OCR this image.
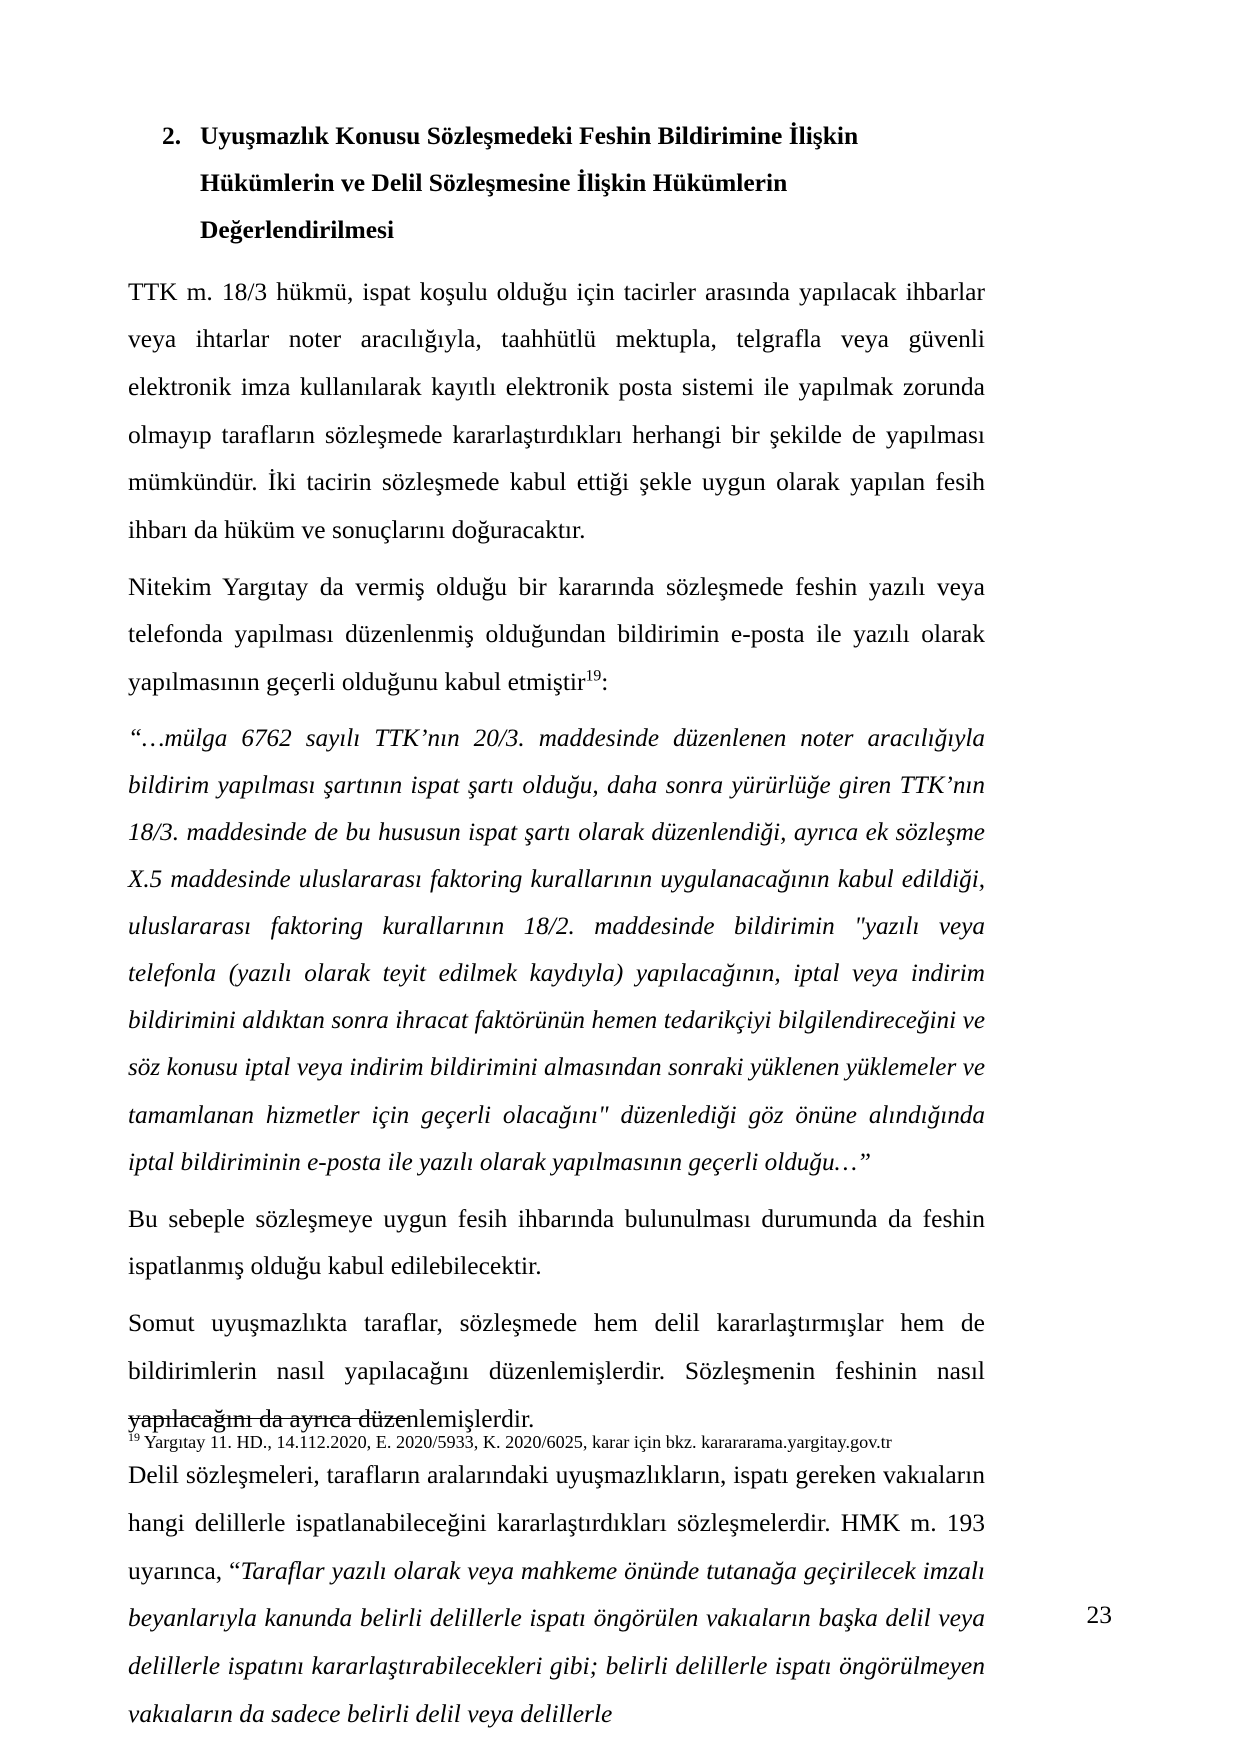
2. Uyuşmazlık Konusu Sözleşmedeki Feshin Bildirimine İlişkin Hükümlerin ve Delil Sözleşmesine İlişkin Hükümlerin Değerlendirilmesi

TTK m. 18/3 hükmü, ispat koşulu olduğu için tacirler arasında yapılacak ihbarlar veya ihtarlar noter aracılığıyla, taahhütlü mektupla, telgrafla veya güvenli elektronik imza kullanılarak kayıtlı elektronik posta sistemi ile yapılmak zorunda olmayıp tarafların sözleşmede kararlaştırdıkları herhangi bir şekilde de yapılması mümkündür. İki tacirin sözleşmede kabul ettiği şekle uygun olarak yapılan fesih ihbarı da hüküm ve sonuçlarını doğuracaktır.

Nitekim Yargıtay da vermiş olduğu bir kararında sözleşmede feshin yazılı veya telefonda yapılması düzenlenmiş olduğundan bildirimin e-posta ile yazılı olarak yapılmasının geçerli olduğunu kabul etmiştir$^{19}$:

“…mülga 6762 sayılı TTK’nın 20/3. maddesinde düzenlenen noter aracılığıyla bildirim yapılması şartının ispat şartı olduğu, daha sonra yürürlüğe giren TTK’nın 18/3. maddesinde de bu hususun ispat şartı olarak düzenlendiği, ayrıca ek sözleşme X.5 maddesinde uluslararası faktoring kurallarının uygulanacağının kabul edildiği, uluslararası faktoring kurallarının 18/2. maddesinde bildirimin "yazılı veya telefonla (yazılı olarak teyit edilmek kaydıyla) yapılacağının, iptal veya indirim bildirimini aldıktan sonra ihracat faktörünün hemen tedarikçiyi bilgilendireceğini ve söz konusu iptal veya indirim bildirimini almasından sonraki yüklenen yüklemeler ve tamamlanan hizmetler için geçerli olacağını" düzenlediği göz önüne alındığında iptal bildiriminin e-posta ile yazılı olarak yapılmasının geçerli olduğu…”

Bu sebeple sözleşmeye uygun fesih ihbarında bulunulması durumunda da feshin ispatlanmış olduğu kabul edilebilecektir.

Somut uyuşmazlıkta taraflar, sözleşmede hem delil kararlaştırmışlar hem de bildirimlerin nasıl yapılacağını düzenlemişlerdir. Sözleşmenin feshinin nasıl yapılacağını da ayrıca düzenlemişlerdir.

Delil sözleşmeleri, tarafların aralarındaki uyuşmazlıkların, ispatı gereken vakıaların hangi delillerle ispatlanabileceğini kararlaştırdıkları sözleşmelerdir. HMK m. 193 uyarınca, “Taraflar yazılı olarak veya mahkeme önünde tutanağa geçirilecek imzalı beyanlarıyla kanunda belirli delillerle ispatı öngörülen vakıaların başka delil veya delillerle ispatını kararlaştırabilecekleri gibi; belirli delillerle ispatı öngörülmeyen vakıaların da sadece belirli delil veya delillerle

$^{19}$ Yargıtay 11. HD., 14.112.2020, E. 2020/5933, K. 2020/6025, karar için bkz. karararama.yargitay.gov.tr

23
